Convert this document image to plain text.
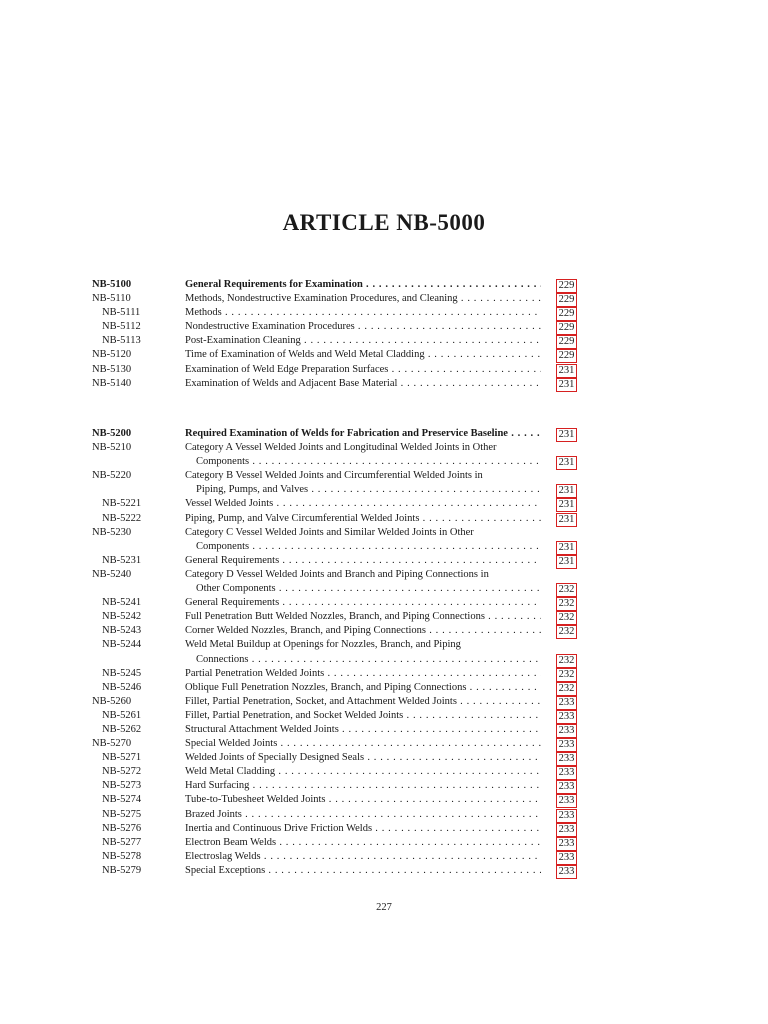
ARTICLE NB-5000
NB-5100	General Requirements for Examination . . .	229
NB-5110	Methods, Nondestructive Examination Procedures, and Cleaning . . .	229
NB-5111	Methods . . .	229
NB-5112	Nondestructive Examination Procedures . . .	229
NB-5113	Post-Examination Cleaning . . .	229
NB-5120	Time of Examination of Welds and Weld Metal Cladding . . .	229
NB-5130	Examination of Weld Edge Preparation Surfaces . . .	231
NB-5140	Examination of Welds and Adjacent Base Material . . .	231
NB-5200	Required Examination of Welds for Fabrication and Preservice Baseline . . .	231
NB-5210	Category A Vessel Welded Joints and Longitudinal Welded Joints in Other
Components . . .	231
NB-5220	Category B Vessel Welded Joints and Circumferential Welded Joints in
Piping, Pumps, and Valves . . .	231
NB-5221	Vessel Welded Joints . . .	231
NB-5222	Piping, Pump, and Valve Circumferential Welded Joints . . .	231
NB-5230	Category C Vessel Welded Joints and Similar Welded Joints in Other
Components . . .	231
NB-5231	General Requirements . . .	231
NB-5240	Category D Vessel Welded Joints and Branch and Piping Connections in
Other Components . . .	232
NB-5241	General Requirements . . .	232
NB-5242	Full Penetration Butt Welded Nozzles, Branch, and Piping Connections . . .	232
NB-5243	Corner Welded Nozzles, Branch, and Piping Connections . . .	232
NB-5244	Weld Metal Buildup at Openings for Nozzles, Branch, and Piping
Connections . . .	232
NB-5245	Partial Penetration Welded Joints . . .	232
NB-5246	Oblique Full Penetration Nozzles, Branch, and Piping Connections . . .	232
NB-5260	Fillet, Partial Penetration, Socket, and Attachment Welded Joints . . .	233
NB-5261	Fillet, Partial Penetration, and Socket Welded Joints . . .	233
NB-5262	Structural Attachment Welded Joints . . .	233
NB-5270	Special Welded Joints . . .	233
NB-5271	Welded Joints of Specially Designed Seals . . .	233
NB-5272	Weld Metal Cladding . . .	233
NB-5273	Hard Surfacing . . .	233
NB-5274	Tube-to-Tubesheet Welded Joints . . .	233
NB-5275	Brazed Joints . . .	233
NB-5276	Inertia and Continuous Drive Friction Welds . . .	233
NB-5277	Electron Beam Welds . . .	233
NB-5278	Electroslag Welds . . .	233
NB-5279	Special Exceptions . . .	233
227
